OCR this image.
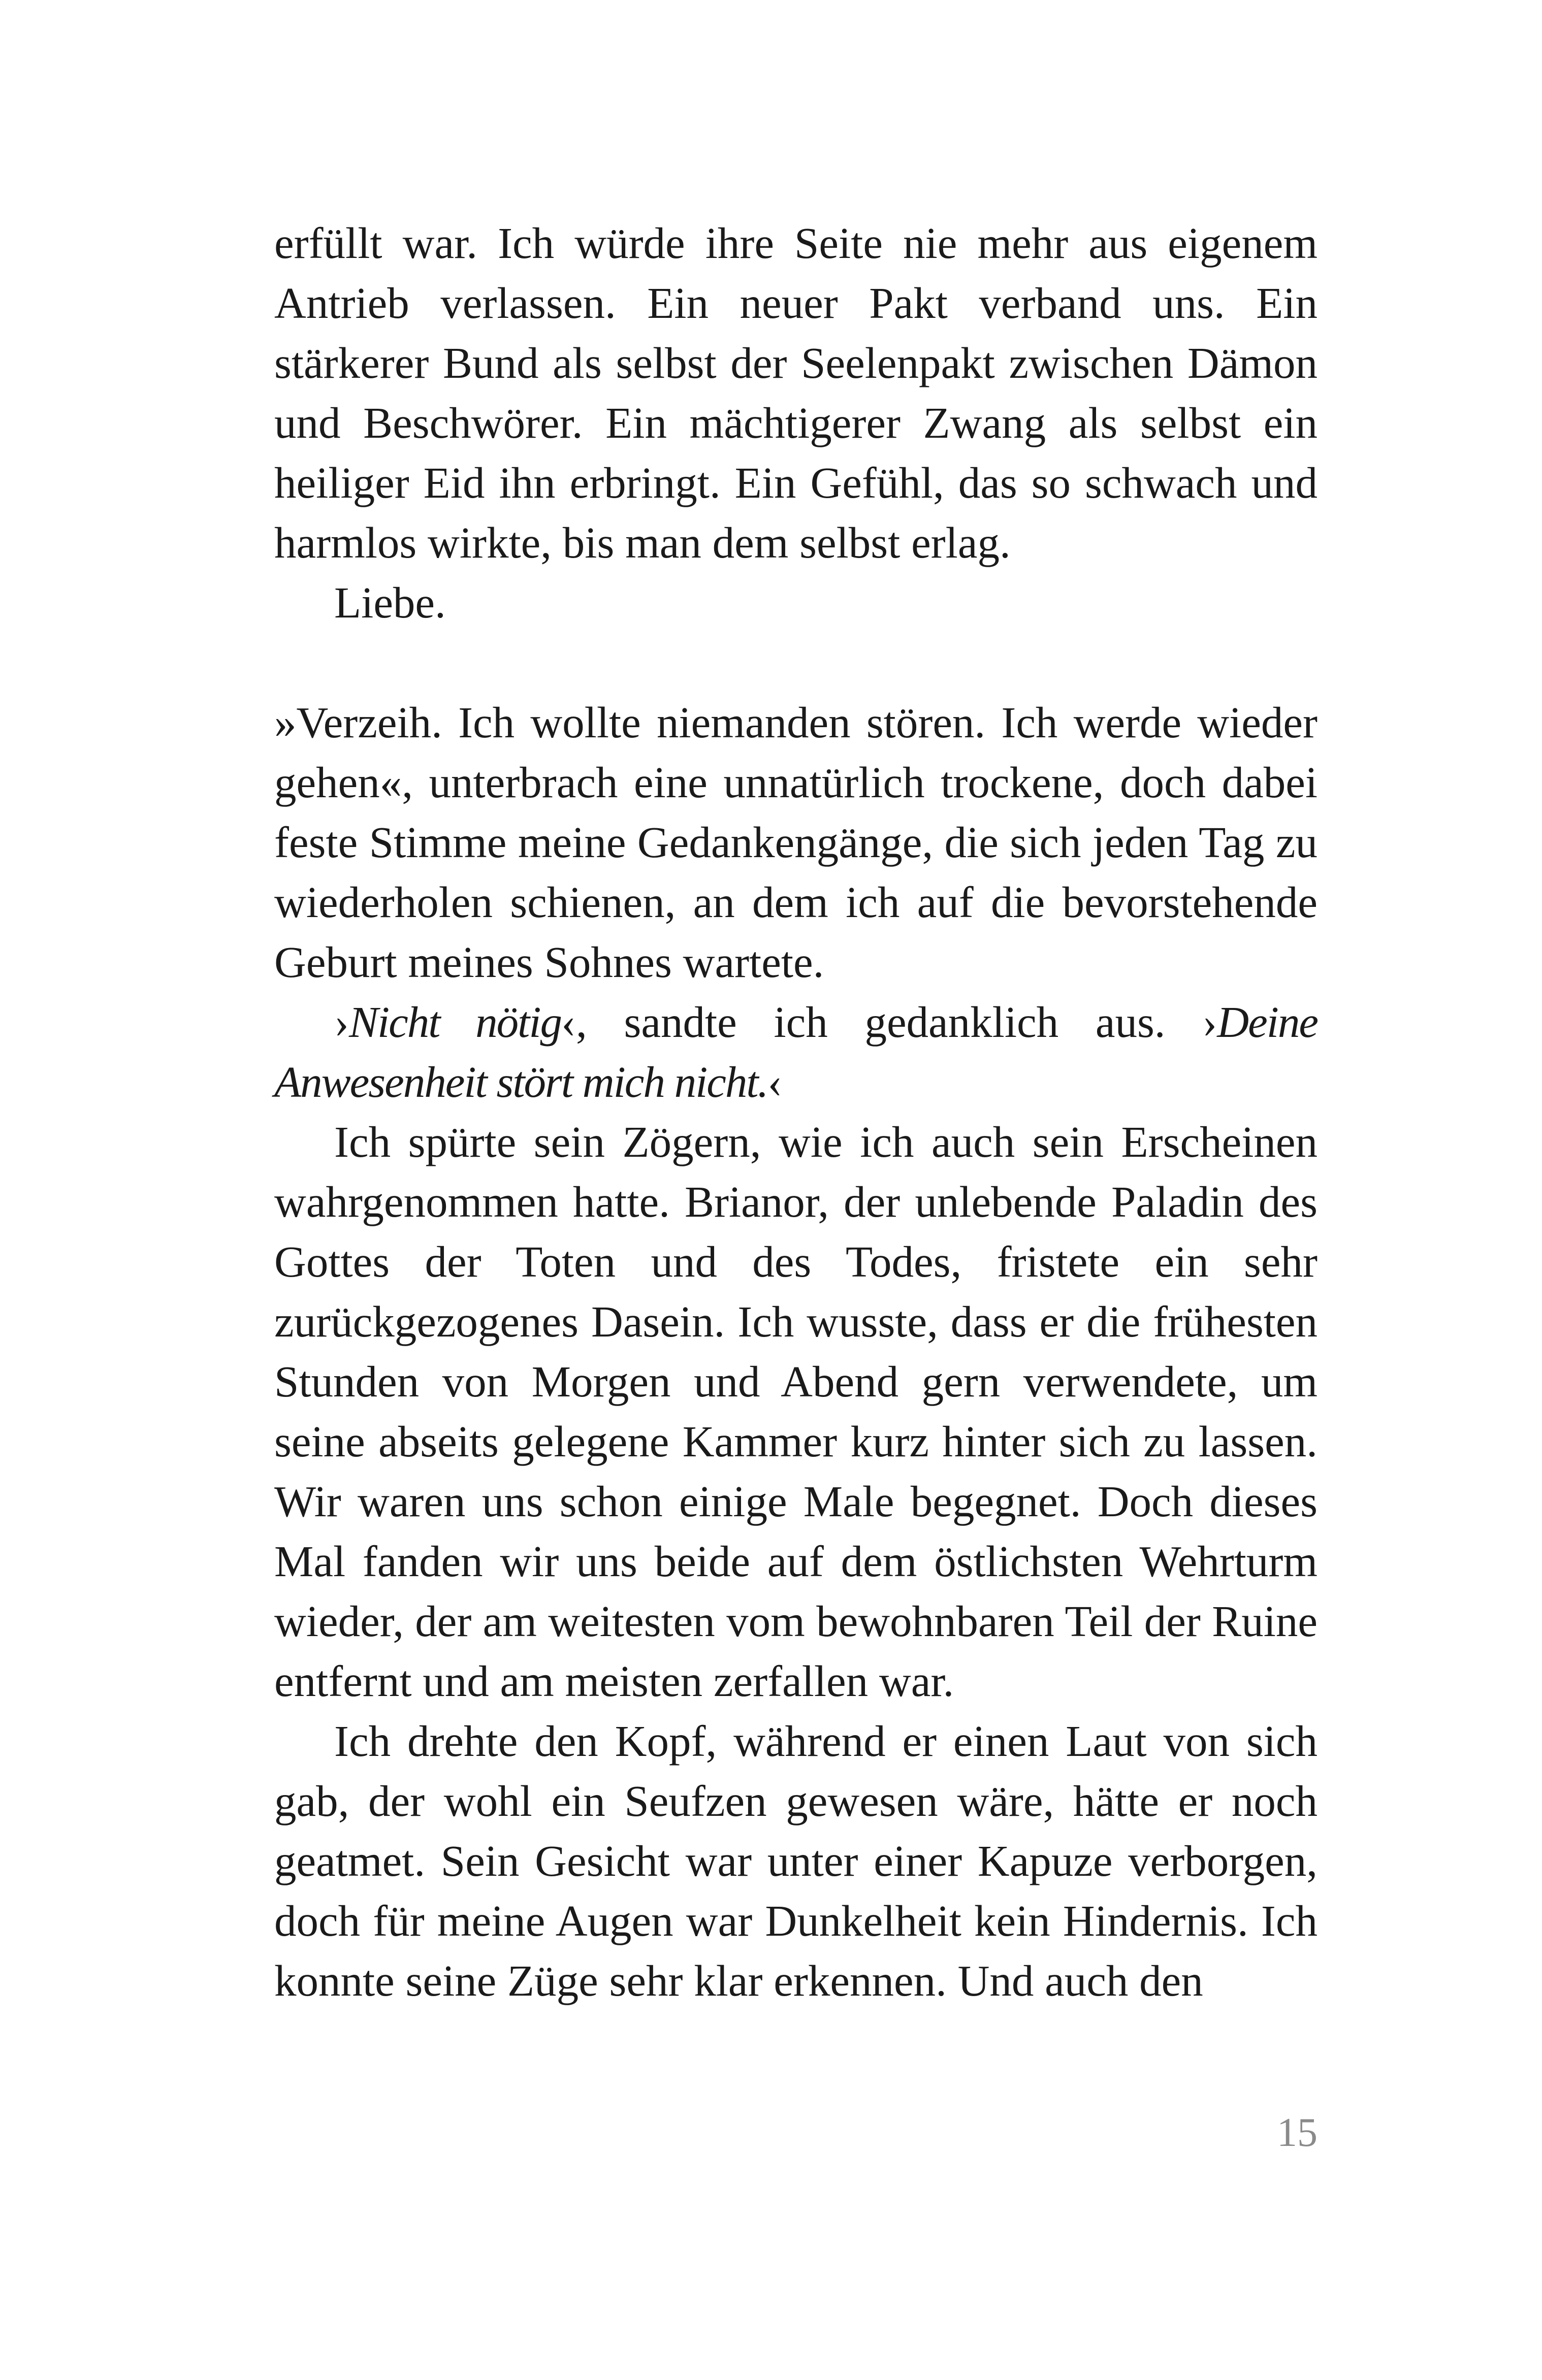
erfüllt war. Ich würde ihre Seite nie mehr aus eigenem Antrieb verlassen. Ein neuer Pakt verband uns. Ein stärkerer Bund als selbst der Seelenpakt zwischen Dämon und Beschwörer. Ein mächtigerer Zwang als selbst ein heiliger Eid ihn erbringt. Ein Gefühl, das so schwach und harmlos wirkte, bis man dem selbst erlag.

Liebe.

»Verzeih. Ich wollte niemanden stören. Ich werde wieder gehen«, unterbrach eine unnatürlich trockene, doch dabei feste Stimme meine Gedankengänge, die sich jeden Tag zu wiederholen schienen, an dem ich auf die bevorstehende Geburt meines Sohnes wartete.

›Nicht nötig‹, sandte ich gedanklich aus. ›Deine Anwesenheit stört mich nicht.‹

Ich spürte sein Zögern, wie ich auch sein Erscheinen wahrgenommen hatte. Brianor, der unlebende Paladin des Gottes der Toten und des Todes, fristete ein sehr zurückgezogenes Dasein. Ich wusste, dass er die frühesten Stunden von Morgen und Abend gern verwendete, um seine abseits gelegene Kammer kurz hinter sich zu lassen. Wir waren uns schon einige Male begegnet. Doch dieses Mal fanden wir uns beide auf dem östlichsten Wehrturm wieder, der am weitesten vom bewohnbaren Teil der Ruine entfernt und am meisten zerfallen war.

Ich drehte den Kopf, während er einen Laut von sich gab, der wohl ein Seufzen gewesen wäre, hätte er noch geatmet. Sein Gesicht war unter einer Kapuze verborgen, doch für meine Augen war Dunkelheit kein Hindernis. Ich konnte seine Züge sehr klar erkennen. Und auch den

15
